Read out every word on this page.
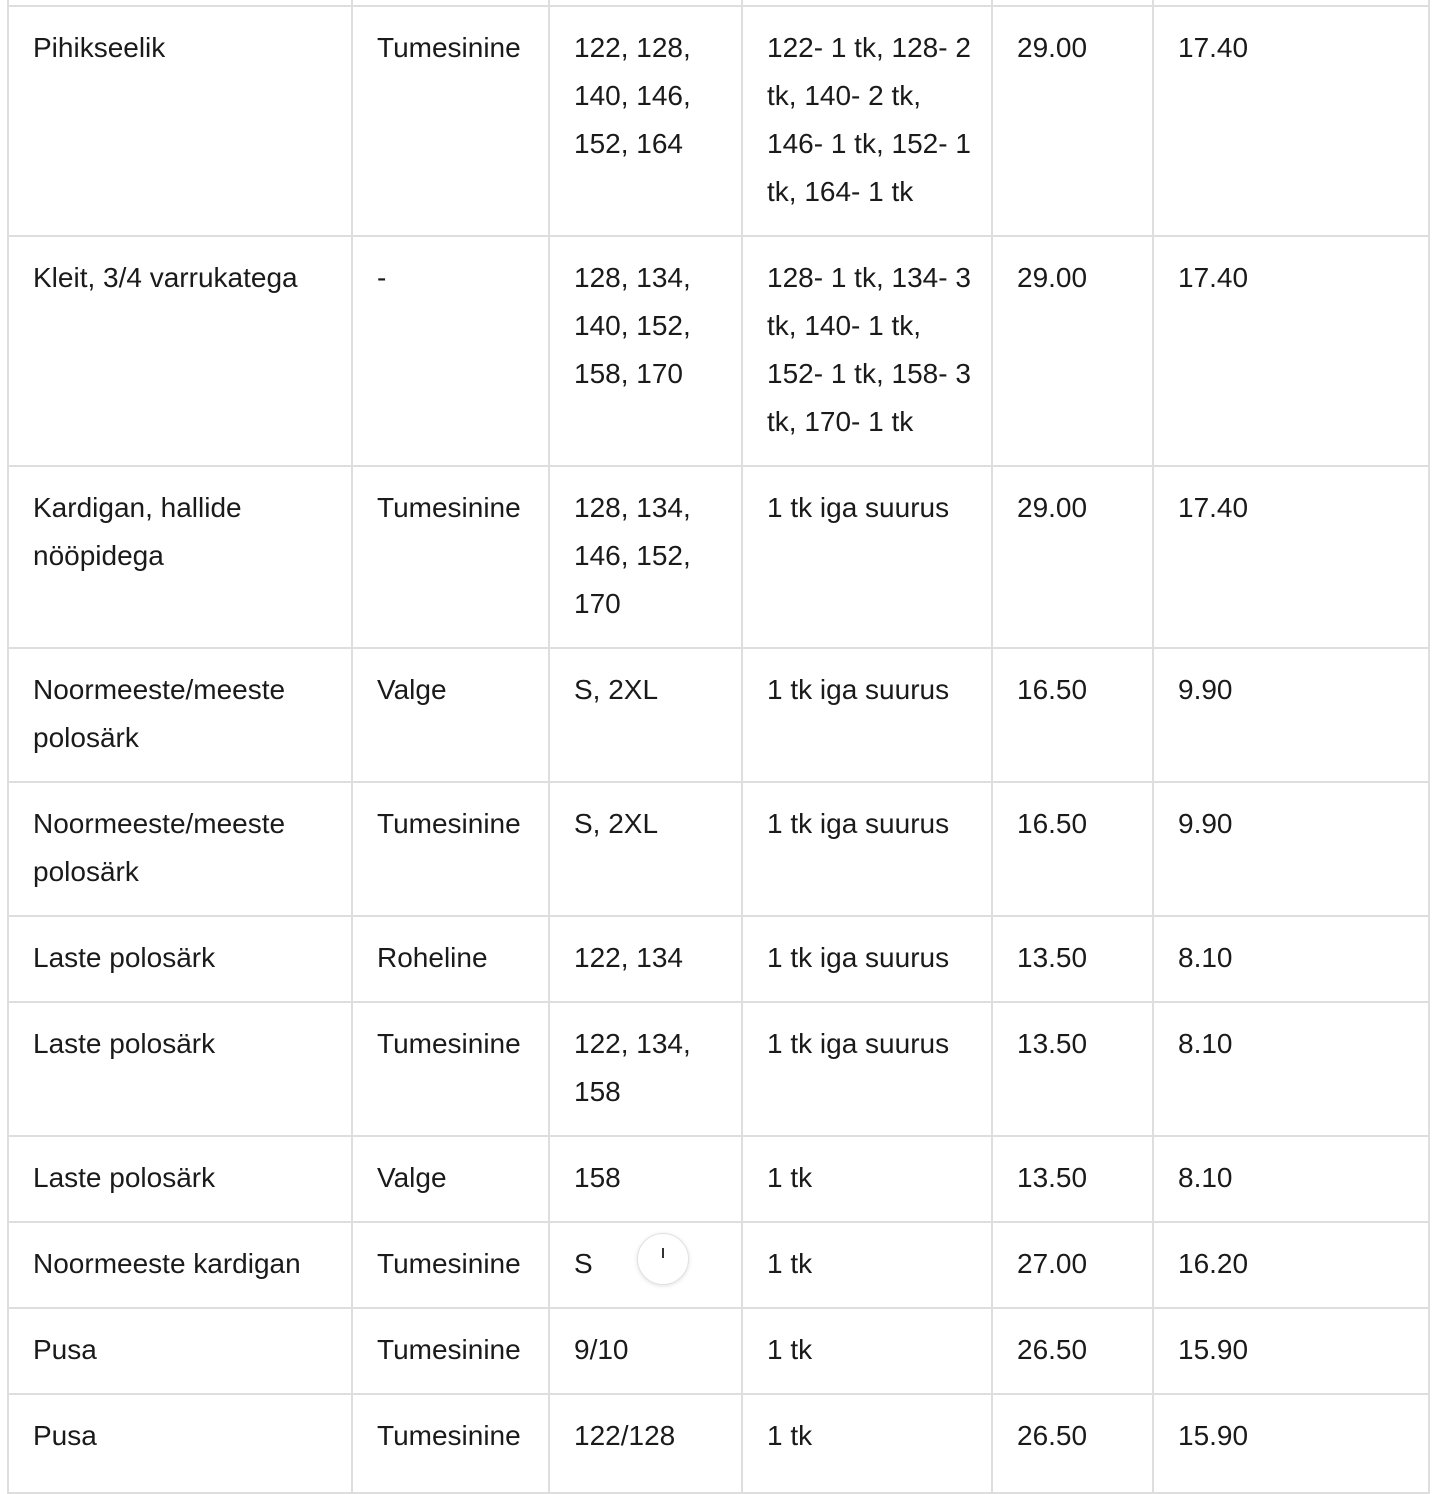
Pihikseelik	Tumesinine	122, 128, 140, 146, 152, 164	122- 1 tk, 128- 2 tk, 140- 2 tk, 146- 1 tk, 152- 1 tk, 164- 1 tk	29.00	17.40

Kleit, 3/4 varrukatega	-	128, 134, 140, 152, 158, 170	128- 1 tk, 134- 3 tk, 140- 1 tk, 152- 1 tk, 158- 3 tk, 170- 1 tk	29.00	17.40

Kardigan, hallide nööpidega	Tumesinine	128, 134, 146, 152, 170	1 tk iga suurus	29.00	17.40

Noormeeste/meeste polosärk	Valge	S, 2XL	1 tk iga suurus	16.50	9.90

Noormeeste/meeste polosärk	Tumesinine	S, 2XL	1 tk iga suurus	16.50	9.90

Laste polosärk	Roheline	122, 134	1 tk iga suurus	13.50	8.10

Laste polosärk	Tumesinine	122, 134, 158	1 tk iga suurus	13.50	8.10

Laste polosärk	Valge	158	1 tk	13.50	8.10

Noormeeste kardigan	Tumesinine	S	1 tk	27.00	16.20

Pusa	Tumesinine	9/10	1 tk	26.50	15.90

Pusa	Tumesinine	122/128	1 tk	26.50	15.90
